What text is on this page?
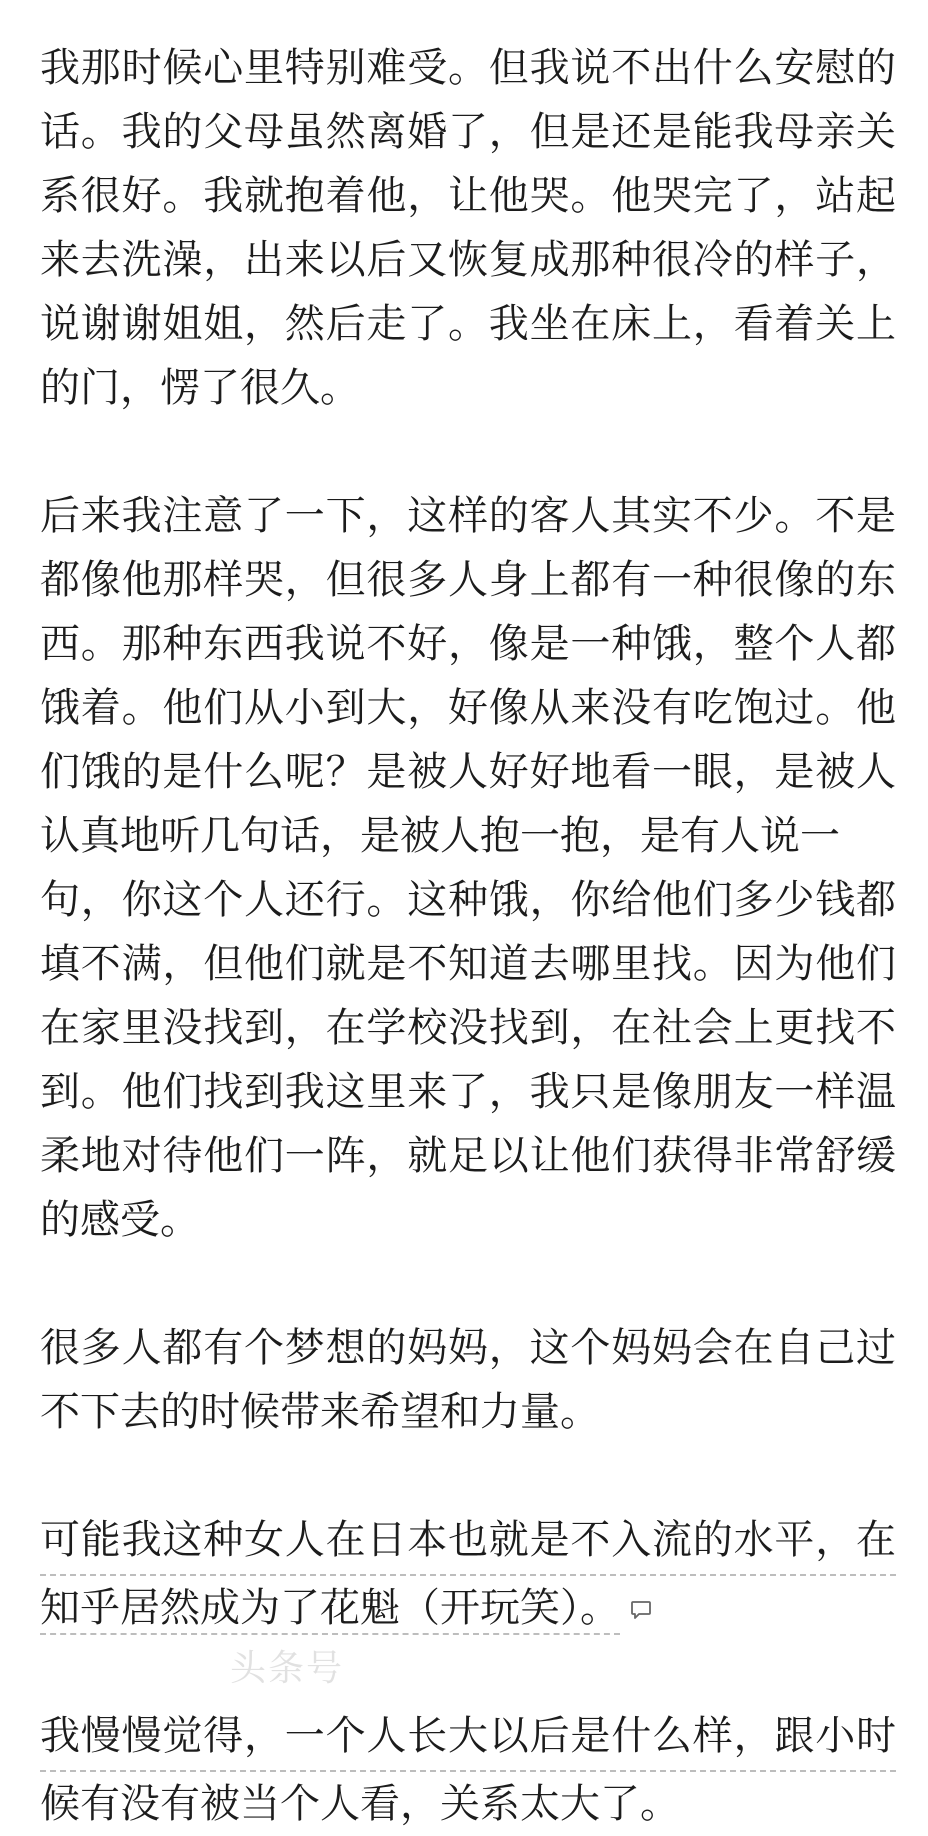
我那时候心里特别难受。但我说不出什么安慰的
话。我的父母虽然离婚了，但是还是能我母亲关
系很好。我就抱着他，让他哭。他哭完了，站起
来去洗澡，出来以后又恢复成那种很冷的样子，
说谢谢姐姐，然后走了。我坐在床上，看着关上
的门，愣了很久。
后来我注意了一下，这样的客人其实不少。不是
都像他那样哭，但很多人身上都有一种很像的东
西。那种东西我说不好，像是一种饿，整个人都
饿着。他们从小到大，好像从来没有吃饱过。他
们饿的是什么呢？是被人好好地看一眼，是被人
认真地听几句话，是被人抱一抱，是有人说一
句，你这个人还行。这种饿，你给他们多少钱都
填不满，但他们就是不知道去哪里找。因为他们
在家里没找到，在学校没找到，在社会上更找不
到。他们找到我这里来了，我只是像朋友一样温
柔地对待他们一阵，就足以让他们获得非常舒缓
的感受。
很多人都有个梦想的妈妈，这个妈妈会在自己过
不下去的时候带来希望和力量。
可能我这种女人在日本也就是不入流的水平，在
知乎居然成为了花魁（开玩笑）。
我慢慢觉得，一个人长大以后是什么样，跟小时
候有没有被当个人看，关系太大了。
头条号
